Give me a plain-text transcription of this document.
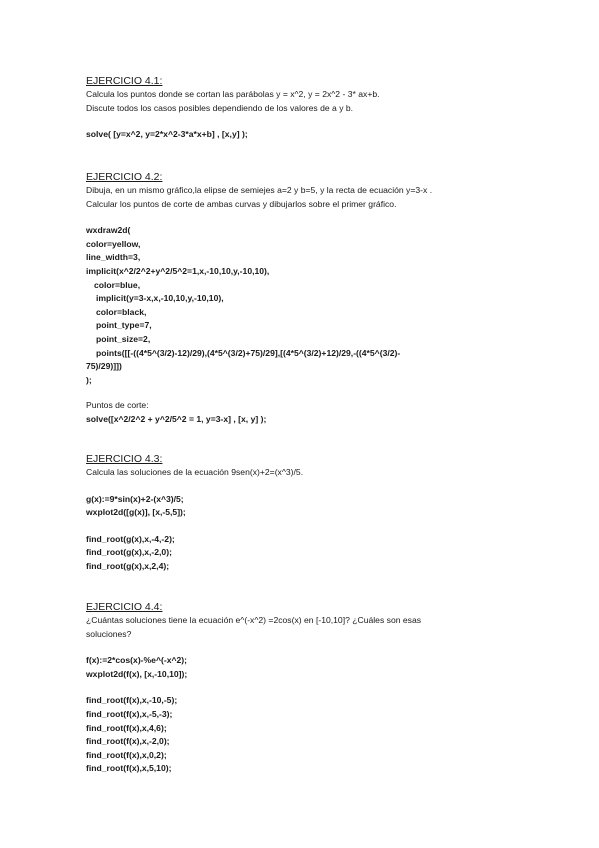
EJERCICIO 4.1:
Calcula los puntos donde se cortan las parábolas y = x^2, y = 2x^2 - 3* ax+b.
Discute todos los casos posibles dependiendo de los valores de a y b.
solve( [y=x^2, y=2*x^2-3*a*x+b] , [x,y] );
EJERCICIO 4.2:
Dibuja, en un mismo gráfico,la elipse de semiejes a=2 y b=5, y la recta de ecuación y=3-x .
Calcular los puntos de corte de ambas curvas y dibujarlos sobre el primer gráfico.
wxdraw2d(
color=yellow,
line_width=3,
implicit(x^2/2^2+y^2/5^2=1,x,-10,10,y,-10,10),
color=blue,
implicit(y=3-x,x,-10,10,y,-10,10),
color=black,
point_type=7,
point_size=2,
points([[-((4*5^(3/2)-12)/29),(4*5^(3/2)+75)/29],[(4*5^(3/2)+12)/29,-((4*5^(3/2)-
75)/29)]])
);
Puntos de corte:
solve([x^2/2^2 + y^2/5^2 = 1, y=3-x] , [x, y] );
EJERCICIO 4.3:
Calcula las soluciones de la ecuación 9sen(x)+2=(x^3)/5.
g(x):=9*sin(x)+2-(x^3)/5;
wxplot2d([g(x)], [x,-5,5]);
find_root(g(x),x,-4,-2);
find_root(g(x),x,-2,0);
find_root(g(x),x,2,4);
EJERCICIO 4.4:
¿Cuántas soluciones tiene la ecuación e^(-x^2) =2cos(x) en [-10,10]? ¿Cuáles son esas
soluciones?
f(x):=2*cos(x)-%e^(-x^2);
wxplot2d(f(x), [x,-10,10]);
find_root(f(x),x,-10,-5);
find_root(f(x),x,-5,-3);
find_root(f(x),x,4,6);
find_root(f(x),x,-2,0);
find_root(f(x),x,0,2);
find_root(f(x),x,5,10);
